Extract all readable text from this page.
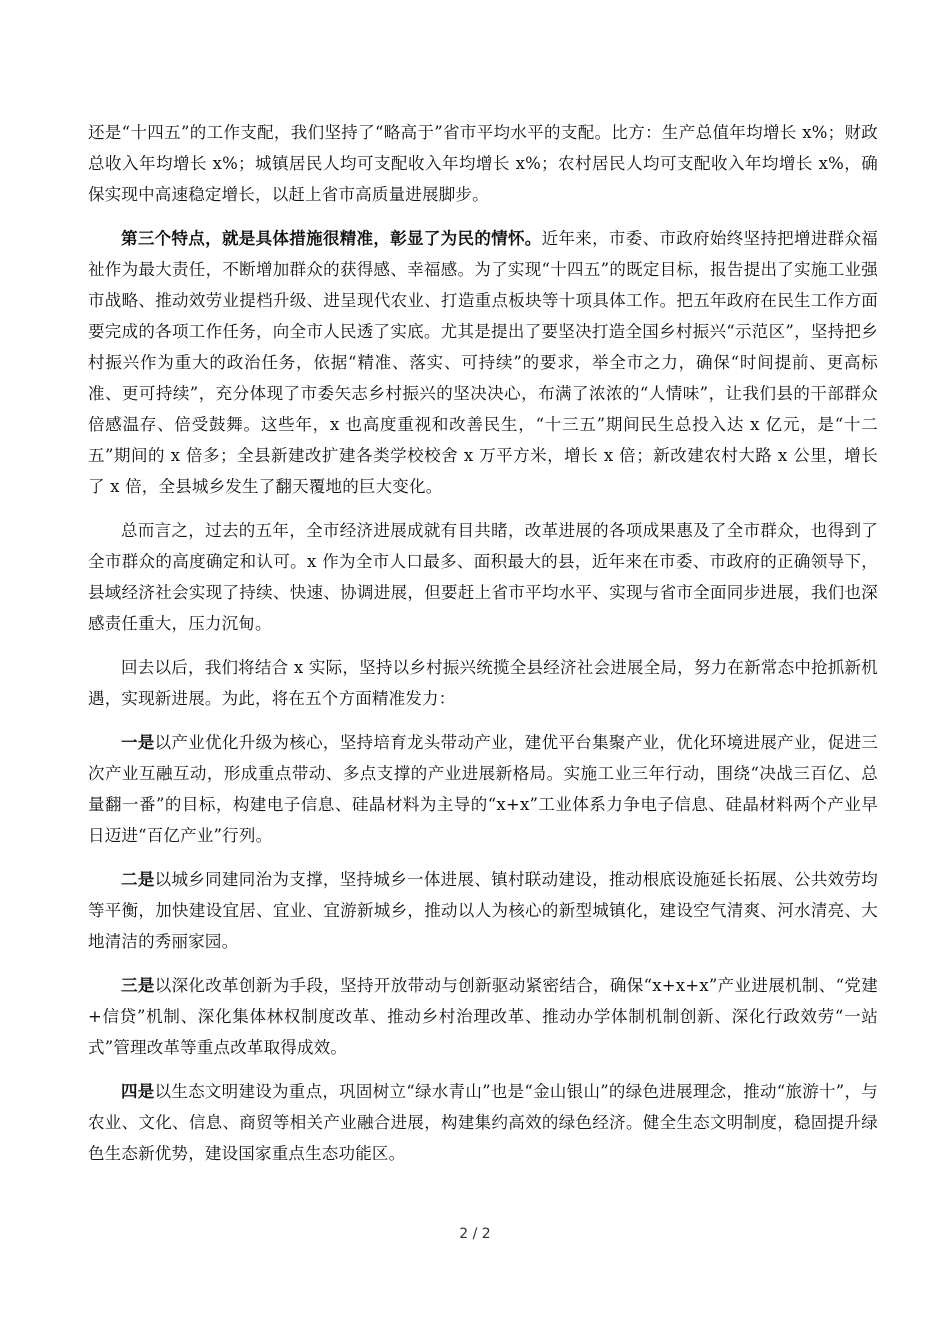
还是“十四五”的工作支配，我们坚持了“略高于”省市平均水平的支配。比方：生产总值年均增长 x%；财政总收入年均增长 x%；城镇居民人均可支配收入年均增长 x%；农村居民人均可支配收入年均增长 x%，确保实现中高速稳定增长，以赶上省市高质量进展脚步。

第三个特点，就是具体措施很精准，彰显了为民的情怀。近年来，市委、市政府始终坚持把增进群众福祉作为最大责任，不断增加群众的获得感、幸福感。为了实现“十四五”的既定目标，报告提出了实施工业强市战略、推动效劳业提档升级、进呈现代农业、打造重点板块等十项具体工作。把五年政府在民生工作方面要完成的各项工作任务，向全市人民透了实底。尤其是提出了要坚决打造全国乡村振兴“示范区”，坚持把乡村振兴作为重大的政治任务，依据“精准、落实、可持续”的要求，举全市之力，确保“时间提前、更高标准、更可持续”，充分体现了市委矢志乡村振兴的坚决决心，布满了浓浓的“人情味”，让我们县的干部群众倍感温存、倍受鼓舞。这些年，x 也高度重视和改善民生，“十三五”期间民生总投入达 x 亿元，是“十二五”期间的 x 倍多；全县新建改扩建各类学校校舍 x 万平方米，增长 x 倍；新改建农村大路 x 公里，增长了 x 倍，全县城乡发生了翻天覆地的巨大变化。

总而言之，过去的五年，全市经济进展成就有目共睹，改革进展的各项成果惠及了全市群众，也得到了全市群众的高度确定和认可。x 作为全市人口最多、面积最大的县，近年来在市委、市政府的正确领导下，县域经济社会实现了持续、快速、协调进展，但要赶上省市平均水平、实现与省市全面同步进展，我们也深感责任重大，压力沉甸。

回去以后，我们将结合 x 实际，坚持以乡村振兴统揽全县经济社会进展全局，努力在新常态中抢抓新机遇，实现新进展。为此，将在五个方面精准发力：

一是以产业优化升级为核心，坚持培育龙头带动产业，建优平台集聚产业，优化环境进展产业，促进三次产业互融互动，形成重点带动、多点支撑的产业进展新格局。实施工业三年行动，围绕“决战三百亿、总量翻一番”的目标，构建电子信息、硅晶材料为主导的“x+x”工业体系力争电子信息、硅晶材料两个产业早日迈进“百亿产业”行列。

二是以城乡同建同治为支撑，坚持城乡一体进展、镇村联动建设，推动根底设施延长拓展、公共效劳均等平衡，加快建设宜居、宜业、宜游新城乡，推动以人为核心的新型城镇化，建设空气清爽、河水清亮、大地清洁的秀丽家园。

三是以深化改革创新为手段，坚持开放带动与创新驱动紧密结合，确保“x+x+x”产业进展机制、“党建+信贷”机制、深化集体林权制度改革、推动乡村治理改革、推动办学体制机制创新、深化行政效劳“一站式”管理改革等重点改革取得成效。

四是以生态文明建设为重点，巩固树立“绿水青山”也是“金山银山”的绿色进展理念，推动“旅游十”，与农业、文化、信息、商贸等相关产业融合进展，构建集约高效的绿色经济。健全生态文明制度，稳固提升绿色生态新优势，建设国家重点生态功能区。

2 / 2
